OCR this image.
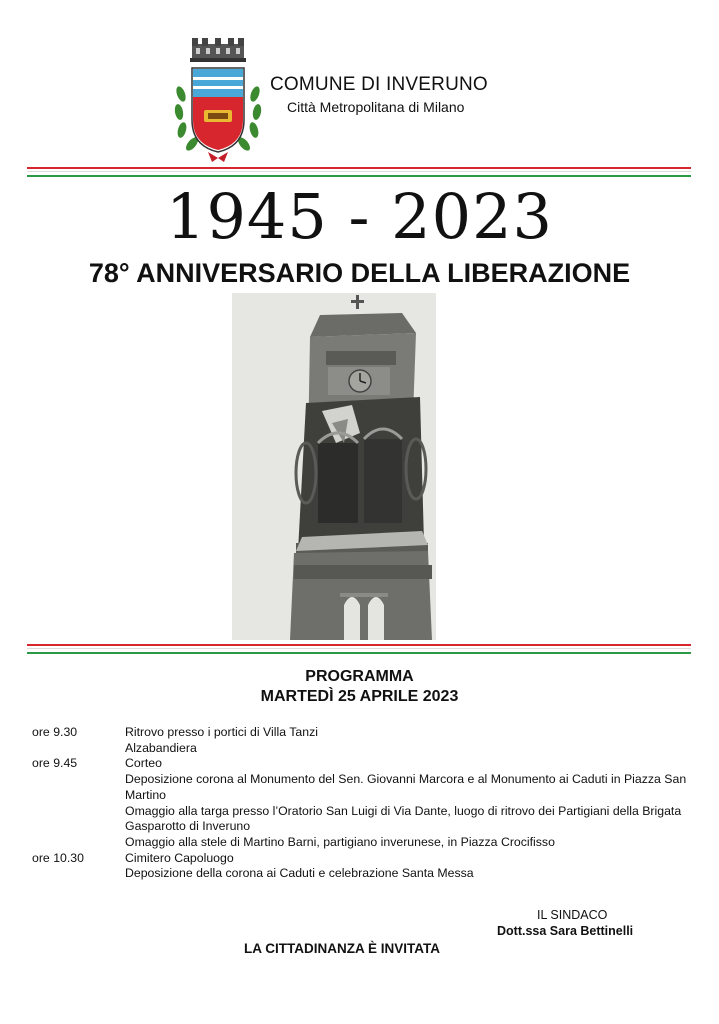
COMUNE DI INVERUNO
Città Metropolitana di Milano
1945 - 2023
78° ANNIVERSARIO DELLA LIBERAZIONE
PROGRAMMA
MARTEDÌ 25 APRILE 2023
ore 9.30	Ritrovo presso i portici di Villa Tanzi
Alzabandiera
ore 9.45	Corteo
Deposizione corona al Monumento del Sen. Giovanni Marcora e al Monumento ai Caduti in Piazza San Martino
Omaggio alla targa presso l’Oratorio San Luigi di Via Dante, luogo di ritrovo dei Partigiani della Brigata Gasparotto di Inveruno
Omaggio alla stele di Martino Barni, partigiano inverunese, in Piazza Crocifisso
ore 10.30	Cimitero Capoluogo
Deposizione della corona ai Caduti e celebrazione Santa Messa
IL SINDACO
Dott.ssa Sara Bettinelli
LA CITTADINANZA È INVITATA
